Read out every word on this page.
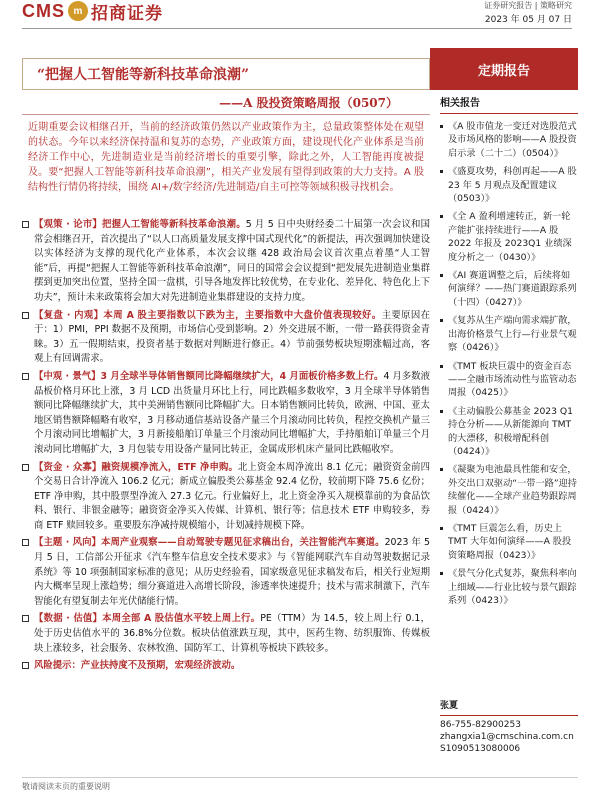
CMS m 招商证券	证券研究报告 | 策略研究
2023 年 05 月 07 日
“把握人工智能等新科技革命浪潮”
——A 股投资策略周报（0507）
定期报告
近期重要会议相继召开，当前的经济政策仍然以产业政策作为主，总量政策整体处在观望的状态。今年以来经济保持温和复苏的态势，产业政策方面，建设现代化产业体系是当前经济工作中心，先进制造业是当前经济增长的重要引擎，除此之外，人工智能再度被提及。要“把握人工智能等新科技革命浪潮”，相关产业发展有望得到政策的大力支持。A 股结构性行情仍将持续，围绕 AI+/数字经济/先进制造/自主可控等领域积极寻找机会。
【观策 · 论市】把握人工智能等新科技革命浪潮。5 月 5 日中央财经委二十届第一次会议和国常会相继召开，首次提出了“以人口高质量发展支撑中国式现代化”的新提法，再次强调加快建设以实体经济为支撑的现代化产业体系，本次会议继 428 政治局会议首次重点着墨“人工智能”后，再提“把握人工智能等新科技革命浪潮”，同日的国常会会议提到“把发展先进制造业集群摆到更加突出位置，坚持全国一盘棋，引导各地发挥比较优势，在专业化、差异化、特色化上下功夫”，预计未来政策将会加大对先进制造业集群建设的支持力度。
【复盘 · 内观】本周 A 股主要指数以下跌为主，主要指数中大盘价值表现较好。主要原因在于：1）PMI，PPI 数据不及预期，市场信心受到影响。2）外交进展不断，一带一路获得资金青睐。3）五一假期结束，投资者基于数据对判断进行修正。4）节前强势板块短期涨幅过高，客观上有回调需求。
【中观 · 景气】3 月全球半导体销售额同比降幅继续扩大，4 月面板价格多数上行。4 月多数液晶板价格月环比上涨，3 月 LCD 出货量月环比上行，同比跌幅多数收窄，3 月全球半导体销售额同比降幅继续扩大，其中美洲销售额同比降幅扩大。日本销售额同比转负，欧洲、中国、亚太地区销售额降幅略有收窄，3 月移动通信基站设备产量三个月滚动同比转负，程控交换机产量三个月滚动同比增幅扩大，3 月新接船舶订单量三个月滚动同比增幅扩大，手持船舶订单量三个月滚动同比增幅扩大，3 月包装专用设备产量同比转正，金属成形机床产量同比跌幅收窄。
【资金 · 众寡】融资规模净流入，ETF 净申购。北上资金本周净流出 8.1 亿元；融资资金前四个交易日合计净流入 106.2 亿元；新成立偏股类公募基金 92.4 亿份，较前期下降 75.6 亿份；ETF 净申购，其中股票型净流入 27.3 亿元。行业偏好上，北上资金净买入规模靠前的为食品饮料、银行、非银金融等；融资资金净买入传媒、计算机、银行等；信息技术 ETF 申购较多，券商 ETF 赎回较多。重要股东净减持规模缩小，计划减持规模下降。
【主题 · 风向】本周产业观察——自动驾驶专题见征求稿出台，关注智能汽车赛道。2023 年 5 月 5 日，工信部公开征求《汽车整车信息安全技术要求》与《智能网联汽车自动驾驶数据记录系统》等 10 项强制国家标准的意见；从历史经验看，国家级意见征求稿发布后，相关行业短期内大概率呈现上涨趋势；细分赛道进入高增长阶段，渗透率快速提升；技术与需求制激下，汽车智能化有望复制去年光伏储能行情。
【数据 · 估值】本周全部 A 股估值水平较上周上行。PE（TTM）为 14.5，较上周上行 0.1，处于历史估值水平的 36.8%分位数。板块估值涨跌互现，其中，医药生物、纺织服饰、传媒板块上涨较多，社会服务、农林牧渔、国防军工、计算机等板块下跌较多。
风险提示：产业扶持度不及预期，宏观经济波动。
相关报告
《A 股市值龙一变迁对选股范式及市场风格的影响——A 股投资启示录（二十二）（0504）》
《盛夏攻势，科创再起——A 股 23 年 5 月观点及配置建议（0503）》
《全 A 盈利增速转正，新一轮产能扩张持续进行——A 股 2022 年报及 2023Q1 业绩深度分析之一（0430）》
《AI 赛道调整之后，后续将如何演绎？——热门赛道跟踪系列（十四）（0427）》
《复苏从生产端向需求端扩散，出海价格景气上行—行业景气观察（0426）》
《TMT 板块巨震中的资金百态——全融市场流动性与监管动态周报（0425）》
《主动偏股公募基金 2023 Q1 持仓分析——从新能源向 TMT 的大漂移，积极增配科创（0424）》
《凝聚为电池最具性能和安全，外交出口双驱动“一带一路”迎持续催化——全球产业趋势跟踪周报（0424）》
《TMT 巨震怎么看，历史上 TMT 大年如何演绎——A 股投资策略周报（0423）》
《景气分化式复苏，聚焦科率向上细域——行业比较与景气跟踪系列（0423）》
张夏
86-755-82900253
zhangxia1@cmschina.com.cn
S1090513080006
敬请阅读末页的重要说明
